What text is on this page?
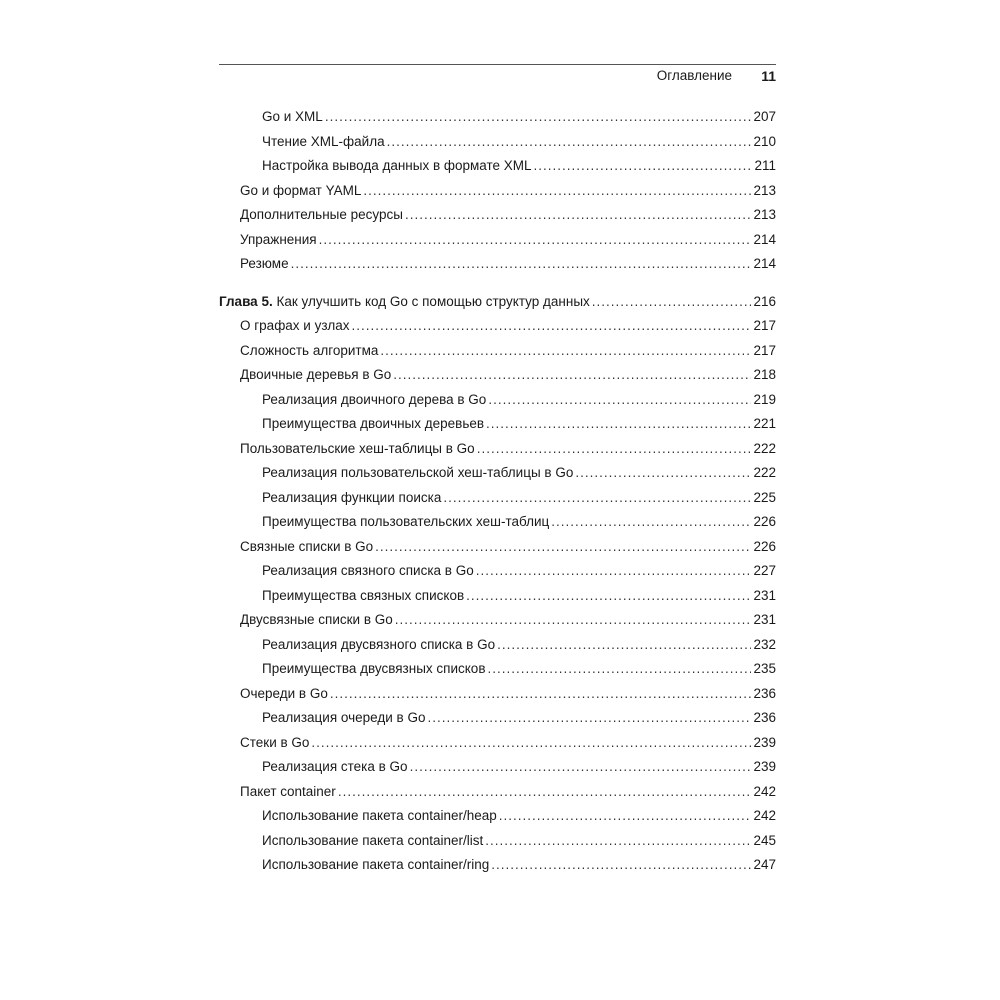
Оглавление 11
Go и XML .....	207
Чтение XML-файла .....	210
Настройка вывода данных в формате XML .....	211
Go и формат YAML .....	213
Дополнительные ресурсы .....	213
Упражнения .....	214
Резюме .....	214
Глава 5. Как улучшить код Go с помощью структур данных .....	216
О графах и узлах .....	217
Сложность алгоритма .....	217
Двоичные деревья в Go .....	218
Реализация двоичного дерева в Go .....	219
Преимущества двоичных деревьев .....	221
Пользовательские хеш-таблицы в Go .....	222
Реализация пользовательской хеш-таблицы в Go .....	222
Реализация функции поиска .....	225
Преимущества пользовательских хеш-таблиц .....	226
Связные списки в Go .....	226
Реализация связного списка в Go .....	227
Преимущества связных списков .....	231
Двусвязные списки в Go .....	231
Реализация двусвязного списка в Go .....	232
Преимущества двусвязных списков .....	235
Очереди в Go .....	236
Реализация очереди в Go .....	236
Стеки в Go .....	239
Реализация стека в Go .....	239
Пакет container .....	242
Использование пакета container/heap .....	242
Использование пакета container/list .....	245
Использование пакета container/ring .....	247
